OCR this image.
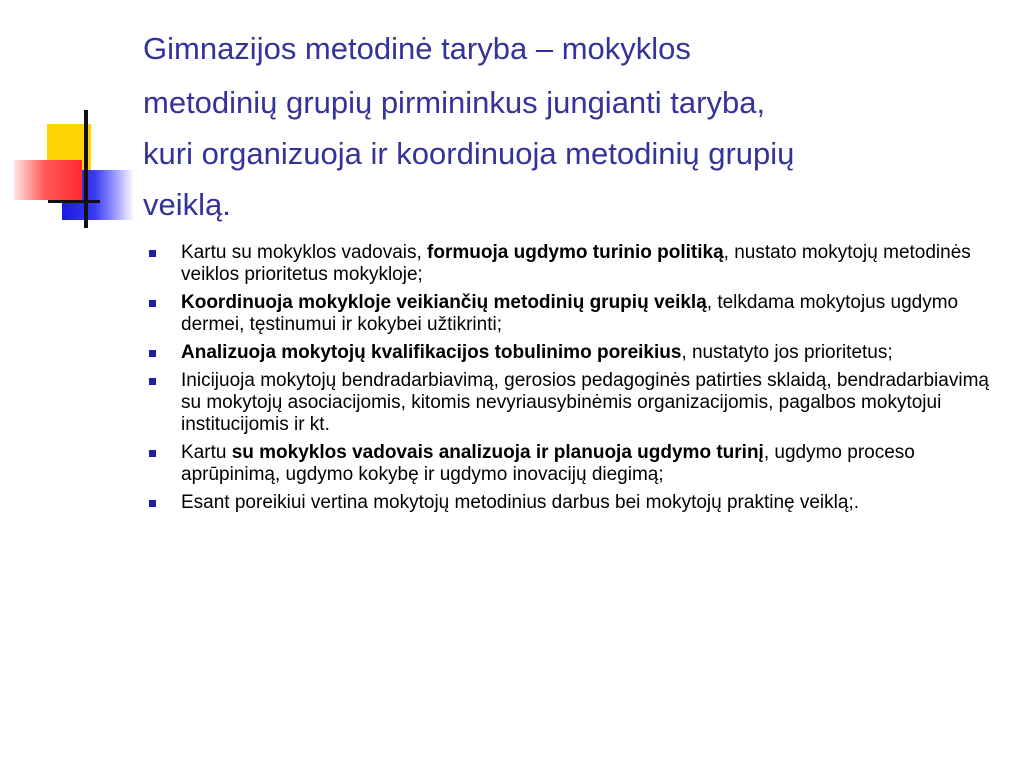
Gimnazijos metodinė taryba – mokyklos
metodinių grupių pirmininkus jungianti taryba,
kuri organizuoja ir koordinuoja metodinių grupių
veiklą.
Kartu su mokyklos vadovais, formuoja ugdymo turinio politiką, nustato mokytojų metodinės veiklos prioritetus mokykloje;
Koordinuoja mokykloje veikiančių metodinių grupių veiklą, telkdama mokytojus ugdymo dermei, tęstinumui ir kokybei užtikrinti;
Analizuoja mokytojų kvalifikacijos tobulinimo poreikius, nustatyto jos prioritetus;
Inicijuoja mokytojų bendradarbiavimą, gerosios pedagoginės patirties sklaidą, bendradarbiavimą su mokytojų asociacijomis, kitomis nevyriausybinėmis organizacijomis, pagalbos mokytojui institucijomis ir kt.
Kartu su mokyklos vadovais analizuoja ir planuoja ugdymo turinį, ugdymo proceso aprūpinimą, ugdymo kokybę ir ugdymo inovacijų diegimą;
Esant poreikiui vertina mokytojų metodinius darbus bei mokytojų praktinę veiklą;.
